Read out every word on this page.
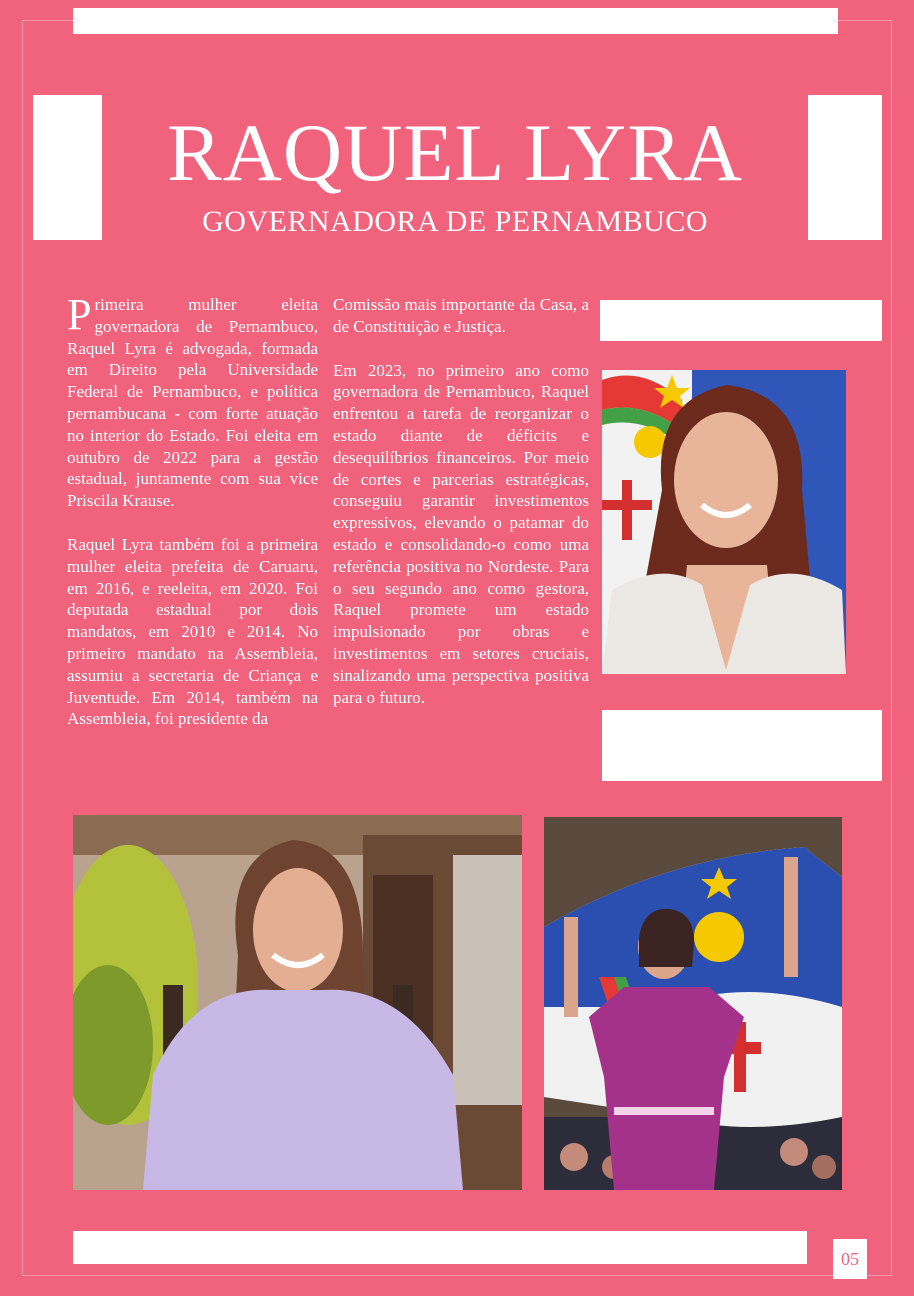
RAQUEL LYRA
GOVERNADORA DE PERNAMBUCO

Primeira mulher eleita governadora de Pernambuco, Raquel Lyra é advogada, formada em Direito pela Universidade Federal de Pernambuco, e política pernambucana - com forte atuação no interior do Estado. Foi eleita em outubro de 2022 para a gestão estadual, juntamente com sua vice Priscila Krause.

Raquel Lyra também foi a primeira mulher eleita prefeita de Caruaru, em 2016, e reeleita, em 2020. Foi deputada estadual por dois mandatos, em 2010 e 2014. No primeiro mandato na Assembleia, assumiu a secretaria de Criança e Juventude. Em 2014, também na Assembleia, foi presidente da

Comissão mais importante da Casa, a de Constituição e Justiça.

Em 2023, no primeiro ano como governadora de Pernambuco, Raquel enfrentou a tarefa de reorganizar o estado diante de déficits e desequilíbrios financeiros. Por meio de cortes e parcerias estratégicas, conseguiu garantir investimentos expressivos, elevando o patamar do estado e consolidando-o como uma referência positiva no Nordeste. Para o seu segundo ano como gestora, Raquel promete um estado impulsionado por obras e investimentos em setores cruciais, sinalizando uma perspectiva positiva para o futuro.

05
